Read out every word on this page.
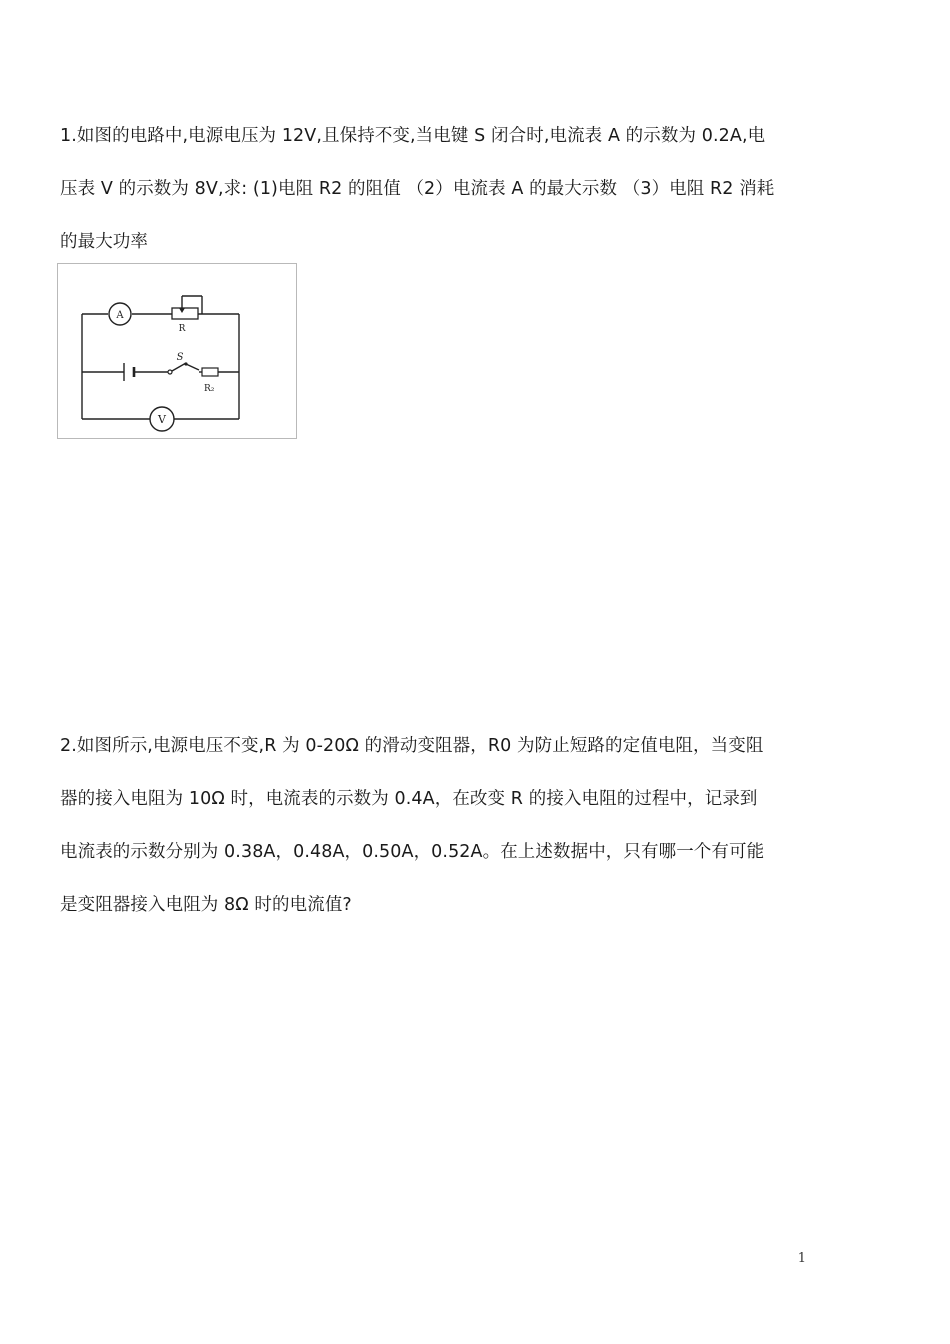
1.如图的电路中,电源电压为 12V,且保持不变,当电键 S 闭合时,电流表 A 的示数为 0.2A,电
压表 V 的示数为 8V,求: (1)电阻 R2 的阻值 （2）电流表 A 的最大示数 （3）电阻 R2 消耗
的最大功率
A
R
S
R₂
V
2.如图所示,电源电压不变,R 为 0-20Ω 的滑动变阻器，R0 为防止短路的定值电阻，当变阻
器的接入电阻为 10Ω 时，电流表的示数为 0.4A，在改变 R 的接入电阻的过程中，记录到
电流表的示数分别为 0.38A，0.48A，0.50A，0.52A。在上述数据中，只有哪一个有可能
是变阻器接入电阻为 8Ω 时的电流值?
1
